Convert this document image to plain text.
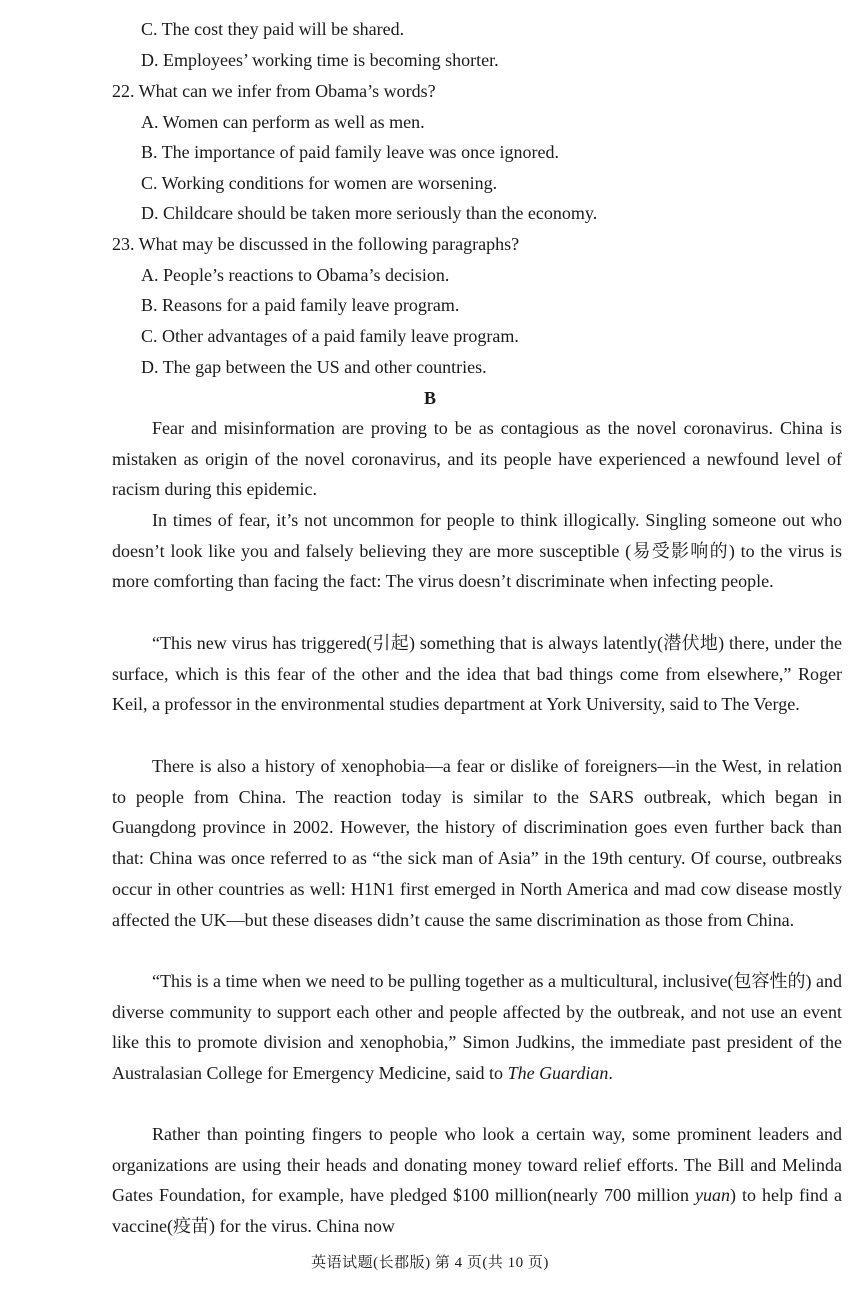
C. The cost they paid will be shared.
D. Employees’ working time is becoming shorter.
22. What can we infer from Obama’s words?
A. Women can perform as well as men.
B. The importance of paid family leave was once ignored.
C. Working conditions for women are worsening.
D. Childcare should be taken more seriously than the economy.
23. What may be discussed in the following paragraphs?
A. People’s reactions to Obama’s decision.
B. Reasons for a paid family leave program.
C. Other advantages of a paid family leave program.
D. The gap between the US and other countries.
B
Fear and misinformation are proving to be as contagious as the novel coronavirus. China is mistaken as origin of the novel coronavirus, and its people have experienced a newfound level of racism during this epidemic.
In times of fear, it’s not uncommon for people to think illogically. Singling someone out who doesn’t look like you and falsely believing they are more susceptible (易受影响的) to the virus is more comforting than facing the fact: The virus doesn’t discriminate when infecting people.
“This new virus has triggered(引起) something that is always latently(潜伏地) there, under the surface, which is this fear of the other and the idea that bad things come from elsewhere,” Roger Keil, a professor in the environmental studies department at York University, said to The Verge.
There is also a history of xenophobia—a fear or dislike of foreigners—in the West, in relation to people from China. The reaction today is similar to the SARS outbreak, which began in Guangdong province in 2002. However, the history of discrimination goes even further back than that: China was once referred to as “the sick man of Asia” in the 19th century. Of course, outbreaks occur in other countries as well: H1N1 first emerged in North America and mad cow disease mostly affected the UK—but these diseases didn’t cause the same discrimination as those from China.
“This is a time when we need to be pulling together as a multicultural, inclusive(包容性的) and diverse community to support each other and people affected by the outbreak, and not use an event like this to promote division and xenophobia,” Simon Judkins, the immediate past president of the Australasian College for Emergency Medicine, said to The Guardian.
Rather than pointing fingers to people who look a certain way, some prominent leaders and organizations are using their heads and donating money toward relief efforts. The Bill and Melinda Gates Foundation, for example, have pledged $100 million(nearly 700 million yuan) to help find a vaccine(疫苗) for the virus. China now
英语试题(长郡版) 第 4 页(共 10 页)
